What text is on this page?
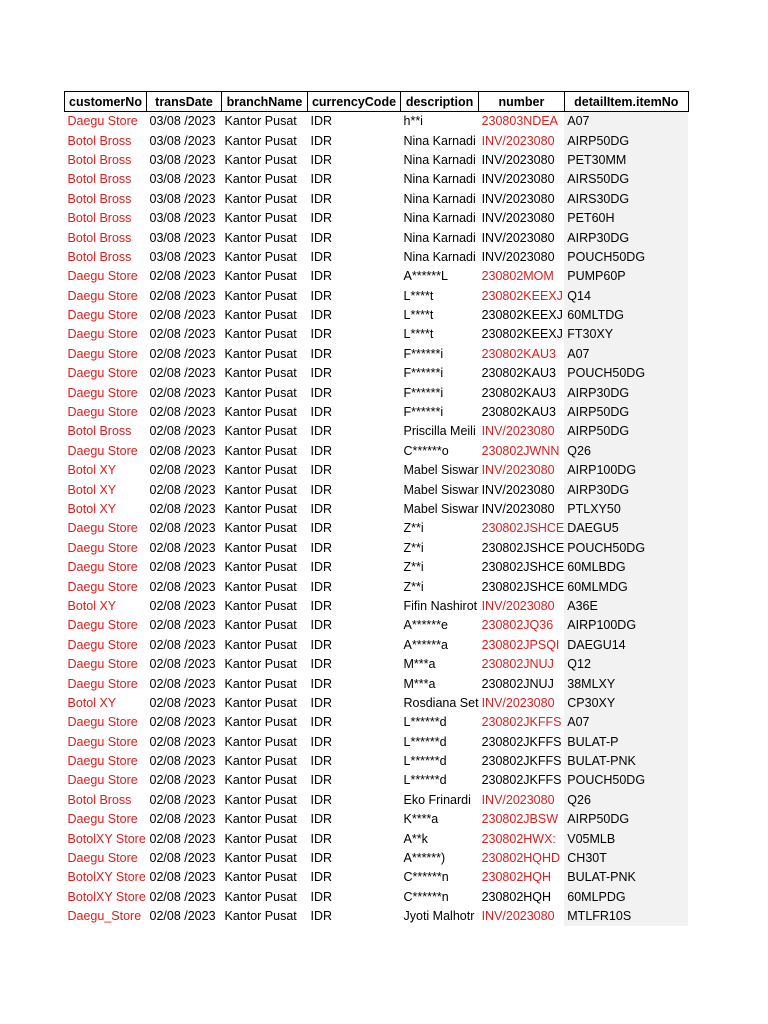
customerNo	transDate	branchName	currencyCode	description	number	detailItem.itemNo
Daegu Store	03/08 /2023	Kantor Pusat	IDR	h**i	230803NDEA	A07
Botol Bross	03/08 /2023	Kantor Pusat	IDR	Nina Karnadi	INV/2023080	AIRP50DG
Botol Bross	03/08 /2023	Kantor Pusat	IDR	Nina Karnadi	INV/2023080	PET30MM
Botol Bross	03/08 /2023	Kantor Pusat	IDR	Nina Karnadi	INV/2023080	AIRS50DG
Botol Bross	03/08 /2023	Kantor Pusat	IDR	Nina Karnadi	INV/2023080	AIRS30DG
Botol Bross	03/08 /2023	Kantor Pusat	IDR	Nina Karnadi	INV/2023080	PET60H
Botol Bross	03/08 /2023	Kantor Pusat	IDR	Nina Karnadi	INV/2023080	AIRP30DG
Botol Bross	03/08 /2023	Kantor Pusat	IDR	Nina Karnadi	INV/2023080	POUCH50DG
Daegu Store	02/08 /2023	Kantor Pusat	IDR	A******L	230802MOM	PUMP60P
Daegu Store	02/08 /2023	Kantor Pusat	IDR	L****t	230802KEEXJ	Q14
Daegu Store	02/08 /2023	Kantor Pusat	IDR	L****t	230802KEEXJ	60MLTDG
Daegu Store	02/08 /2023	Kantor Pusat	IDR	L****t	230802KEEXJ	FT30XY
Daegu Store	02/08 /2023	Kantor Pusat	IDR	F******i	230802KAU3	A07
Daegu Store	02/08 /2023	Kantor Pusat	IDR	F******i	230802KAU3	POUCH50DG
Daegu Store	02/08 /2023	Kantor Pusat	IDR	F******i	230802KAU3	AIRP30DG
Daegu Store	02/08 /2023	Kantor Pusat	IDR	F******i	230802KAU3	AIRP50DG
Botol Bross	02/08 /2023	Kantor Pusat	IDR	Priscilla Meili	INV/2023080	AIRP50DG
Daegu Store	02/08 /2023	Kantor Pusat	IDR	C******o	230802JWNN	Q26
Botol XY	02/08 /2023	Kantor Pusat	IDR	Mabel Siswar	INV/2023080	AIRP100DG
Botol XY	02/08 /2023	Kantor Pusat	IDR	Mabel Siswar	INV/2023080	AIRP30DG
Botol XY	02/08 /2023	Kantor Pusat	IDR	Mabel Siswar	INV/2023080	PTLXY50
Daegu Store	02/08 /2023	Kantor Pusat	IDR	Z**i	230802JSHCE	DAEGU5
Daegu Store	02/08 /2023	Kantor Pusat	IDR	Z**i	230802JSHCE	POUCH50DG
Daegu Store	02/08 /2023	Kantor Pusat	IDR	Z**i	230802JSHCE	60MLBDG
Daegu Store	02/08 /2023	Kantor Pusat	IDR	Z**i	230802JSHCE	60MLMDG
Botol XY	02/08 /2023	Kantor Pusat	IDR	Fifin Nashirot	INV/2023080	A36E
Daegu Store	02/08 /2023	Kantor Pusat	IDR	A******e	230802JQ36	AIRP100DG
Daegu Store	02/08 /2023	Kantor Pusat	IDR	A******a	230802JPSQI	DAEGU14
Daegu Store	02/08 /2023	Kantor Pusat	IDR	M***a	230802JNUJ	Q12
Daegu Store	02/08 /2023	Kantor Pusat	IDR	M***a	230802JNUJ	38MLXY
Botol XY	02/08 /2023	Kantor Pusat	IDR	Rosdiana Set	INV/2023080	CP30XY
Daegu Store	02/08 /2023	Kantor Pusat	IDR	L******d	230802JKFFS	A07
Daegu Store	02/08 /2023	Kantor Pusat	IDR	L******d	230802JKFFS	BULAT-P
Daegu Store	02/08 /2023	Kantor Pusat	IDR	L******d	230802JKFFS	BULAT-PNK
Daegu Store	02/08 /2023	Kantor Pusat	IDR	L******d	230802JKFFS	POUCH50DG
Botol Bross	02/08 /2023	Kantor Pusat	IDR	Eko Frinardi	INV/2023080	Q26
Daegu Store	02/08 /2023	Kantor Pusat	IDR	K****a	230802JBSW	AIRP50DG
BotolXY Store	02/08 /2023	Kantor Pusat	IDR	A**k	230802HWX:	V05MLB
Daegu Store	02/08 /2023	Kantor Pusat	IDR	A******)	230802HQHD	CH30T
BotolXY Store	02/08 /2023	Kantor Pusat	IDR	C******n	230802HQH	BULAT-PNK
BotolXY Store	02/08 /2023	Kantor Pusat	IDR	C******n	230802HQH	60MLPDG
Daegu_Store	02/08 /2023	Kantor Pusat	IDR	Jyoti Malhotr	INV/2023080	MTLFR10S
